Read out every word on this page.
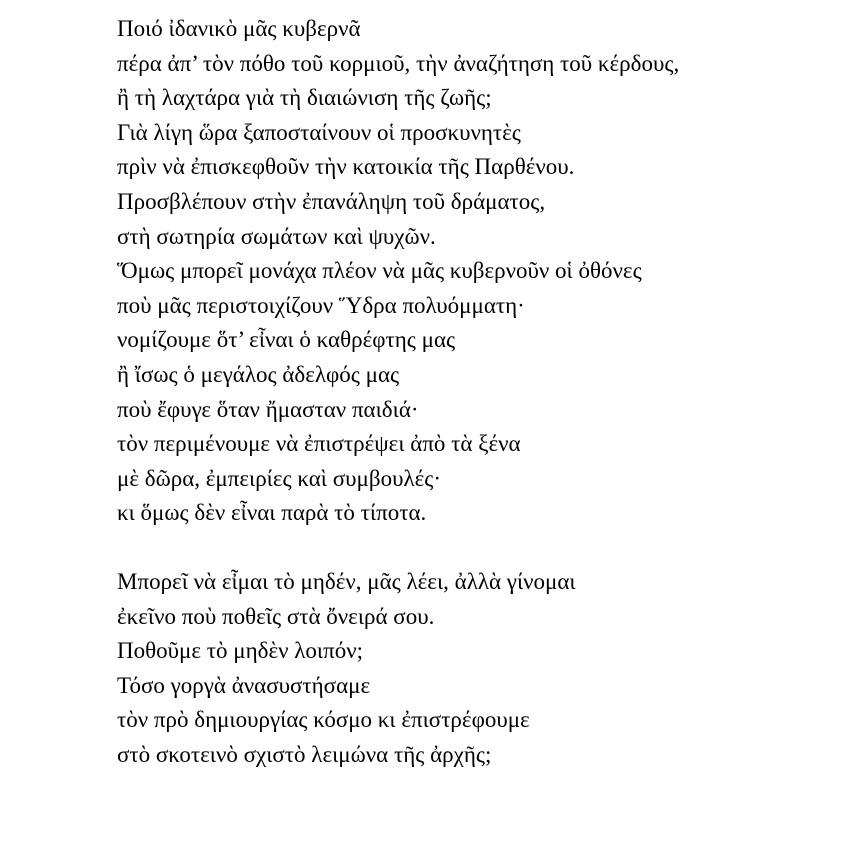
Ποιό ἰδανικὸ μᾶς κυβερνᾶ
πέρα ἀπ’ τὸν πόθο τοῦ κορμιοῦ, τὴν ἀναζήτηση τοῦ κέρδους,
ἢ τὴ λαχτάρα γιὰ τὴ διαιώνιση τῆς ζωῆς;
Γιὰ λίγη ὥρα ξαποσταίνουν οἱ προσκυνητὲς
πρὶν νὰ ἐπισκεφθοῦν τὴν κατοικία τῆς Παρθένου.
Προσβλέπουν στὴν ἐπανάληψη τοῦ δράματος,
στὴ σωτηρία σωμάτων καὶ ψυχῶν.
Ὅμως μπορεῖ μονάχα πλέον νὰ μᾶς κυβερνοῦν οἱ ὀθόνες
ποὺ μᾶς περιστοιχίζουν Ὕδρα πολυόμματη·
νομίζουμε ὅτ’ εἶναι ὁ καθρέφτης μας
ἢ ἴσως ὁ μεγάλος ἀδελφός μας
ποὺ ἔφυγε ὅταν ἤμασταν παιδιά·
τὸν περιμένουμε νὰ ἐπιστρέψει ἀπὸ τὰ ξένα
μὲ δῶρα, ἐμπειρίες καὶ συμβουλές·
κι ὅμως δὲν εἶναι παρὰ τὸ τίποτα.
Μπορεῖ νὰ εἶμαι τὸ μηδέν, μᾶς λέει, ἀλλὰ γίνομαι
ἐκεῖνο ποὺ ποθεῖς στὰ ὄνειρά σου.
Ποθοῦμε τὸ μηδὲν λοιπόν;
Τόσο γοργὰ ἀνασυστήσαμε
τὸν πρὸ δημιουργίας κόσμο κι ἐπιστρέφουμε
στὸ σκοτεινὸ σχιστὸ λειμώνα τῆς ἀρχῆς;
